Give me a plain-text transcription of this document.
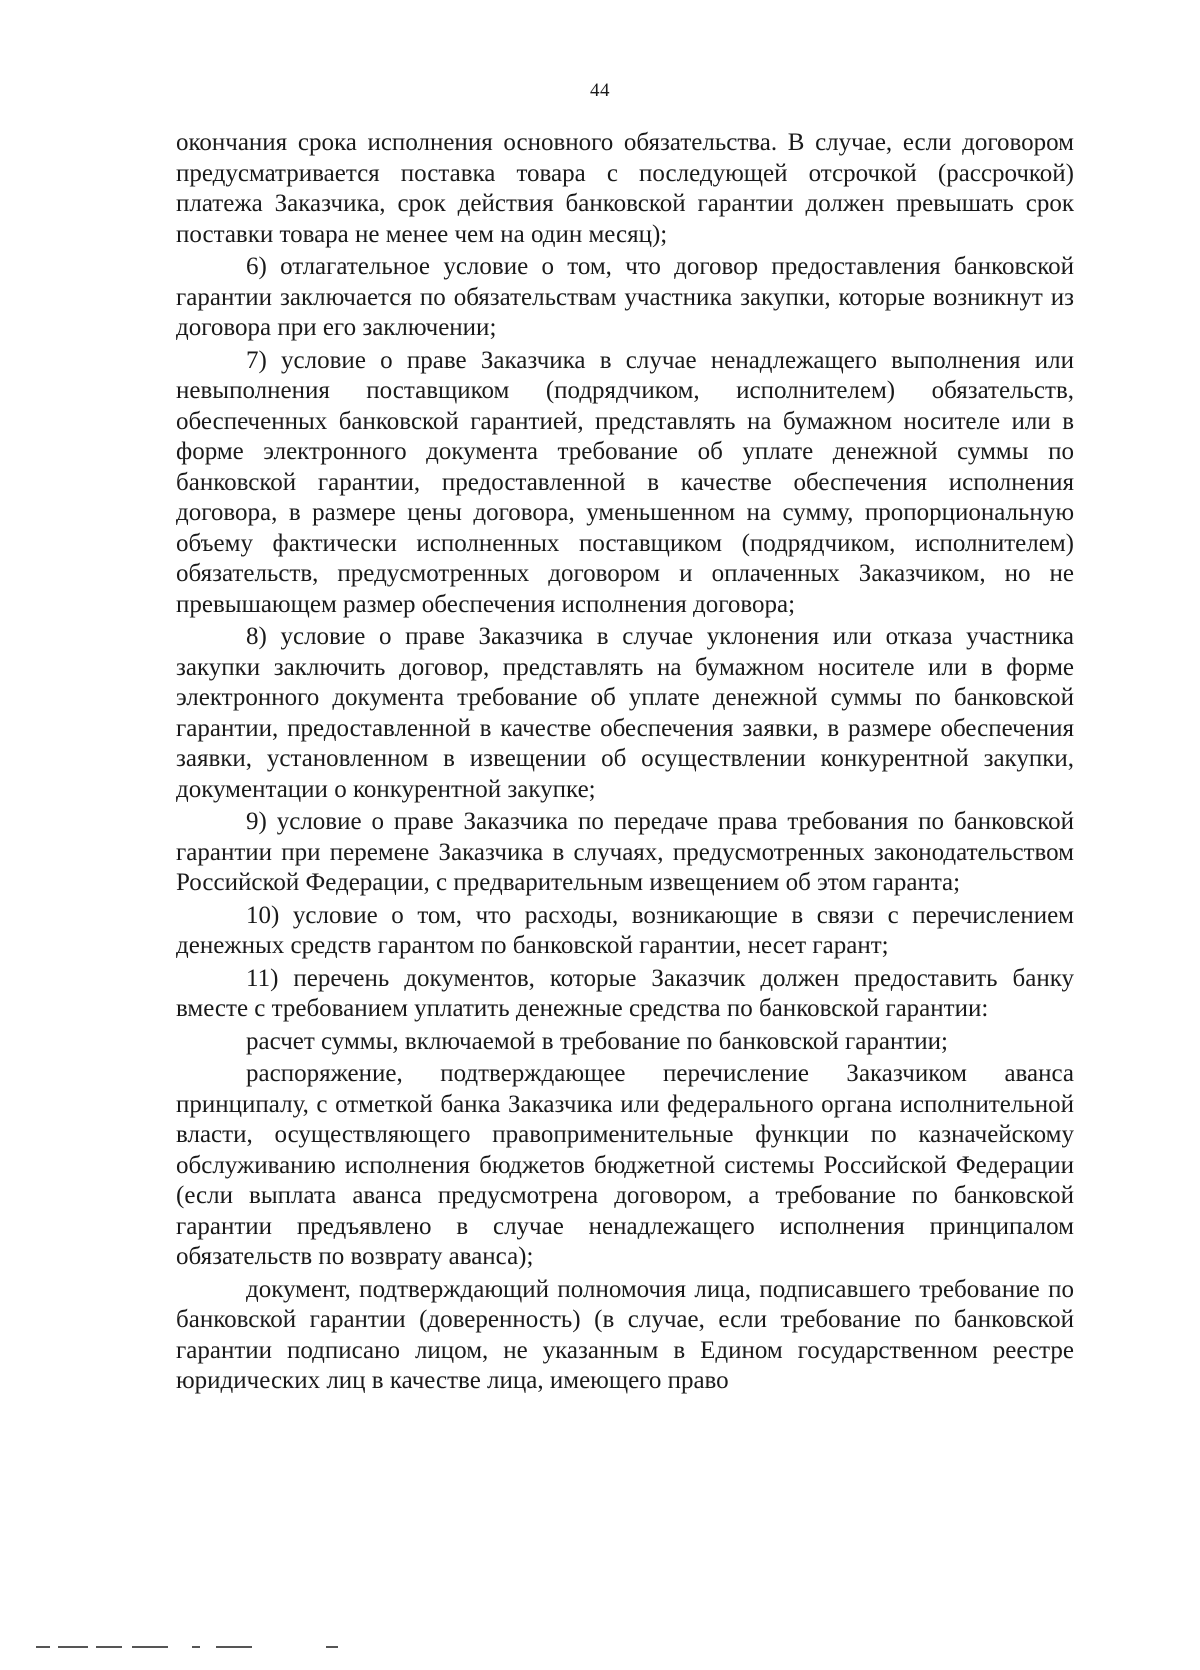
44

окончания срока исполнения основного обязательства. В случае, если договором предусматривается поставка товара с последующей отсрочкой (рассрочкой) платежа Заказчика, срок действия банковской гарантии должен превышать срок поставки товара не менее чем на один месяц);

6) отлагательное условие о том, что договор предоставления банковской гарантии заключается по обязательствам участника закупки, которые возникнут из договора при его заключении;

7) условие о праве Заказчика в случае ненадлежащего выполнения или невыполнения поставщиком (подрядчиком, исполнителем) обязательств, обеспеченных банковской гарантией, представлять на бумажном носителе или в форме электронного документа требование об уплате денежной суммы по банковской гарантии, предоставленной в качестве обеспечения исполнения договора, в размере цены договора, уменьшенном на сумму, пропорциональную объему фактически исполненных поставщиком (подрядчиком, исполнителем) обязательств, предусмотренных договором и оплаченных Заказчиком, но не превышающем размер обеспечения исполнения договора;

8) условие о праве Заказчика в случае уклонения или отказа участника закупки заключить договор, представлять на бумажном носителе или в форме электронного документа требование об уплате денежной суммы по банковской гарантии, предоставленной в качестве обеспечения заявки, в размере обеспечения заявки, установленном в извещении об осуществлении конкурентной закупки, документации о конкурентной закупке;

9) условие о праве Заказчика по передаче права требования по банковской гарантии при перемене Заказчика в случаях, предусмотренных законодательством Российской Федерации, с предварительным извещением об этом гаранта;

10) условие о том, что расходы, возникающие в связи с перечислением денежных средств гарантом по банковской гарантии, несет гарант;

11) перечень документов, которые Заказчик должен предоставить банку вместе с требованием уплатить денежные средства по банковской гарантии:

расчет суммы, включаемой в требование по банковской гарантии;

распоряжение, подтверждающее перечисление Заказчиком аванса принципалу, с отметкой банка Заказчика или федерального органа исполнительной власти, осуществляющего правоприменительные функции по казначейскому обслуживанию исполнения бюджетов бюджетной системы Российской Федерации (если выплата аванса предусмотрена договором, а требование по банковской гарантии предъявлено в случае ненадлежащего исполнения принципалом обязательств по возврату аванса);

документ, подтверждающий полномочия лица, подписавшего требование по банковской гарантии (доверенность) (в случае, если требование по банковской гарантии подписано лицом, не указанным в Едином государственном реестре юридических лиц в качестве лица, имеющего право
